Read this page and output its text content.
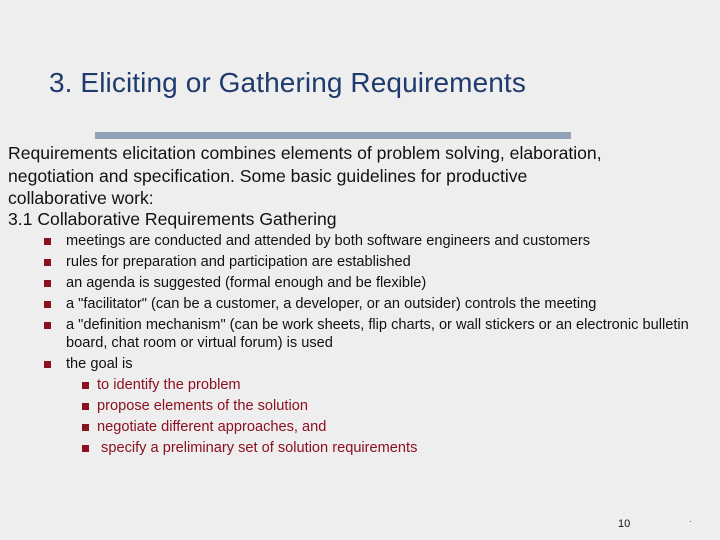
3. Eliciting or Gathering Requirements

Requirements elicitation combines elements of problem solving, elaboration,

negotiation and specification. Some basic guidelines for productive

collaborative work:

3.1 Collaborative Requirements Gathering
meetings are conducted and attended by both software engineers and customers
rules for preparation and participation are established
an agenda is suggested (formal enough and be flexible)
a "facilitator" (can be a customer, a developer, or an outsider) controls the meeting
a "definition mechanism" (can be work sheets, flip charts, or wall stickers or an electronic bulletin board, chat room or virtual forum) is used
the goal is
to identify the problem
propose elements of the solution
negotiate different approaches, and
specify a preliminary set of solution requirements
10	·
